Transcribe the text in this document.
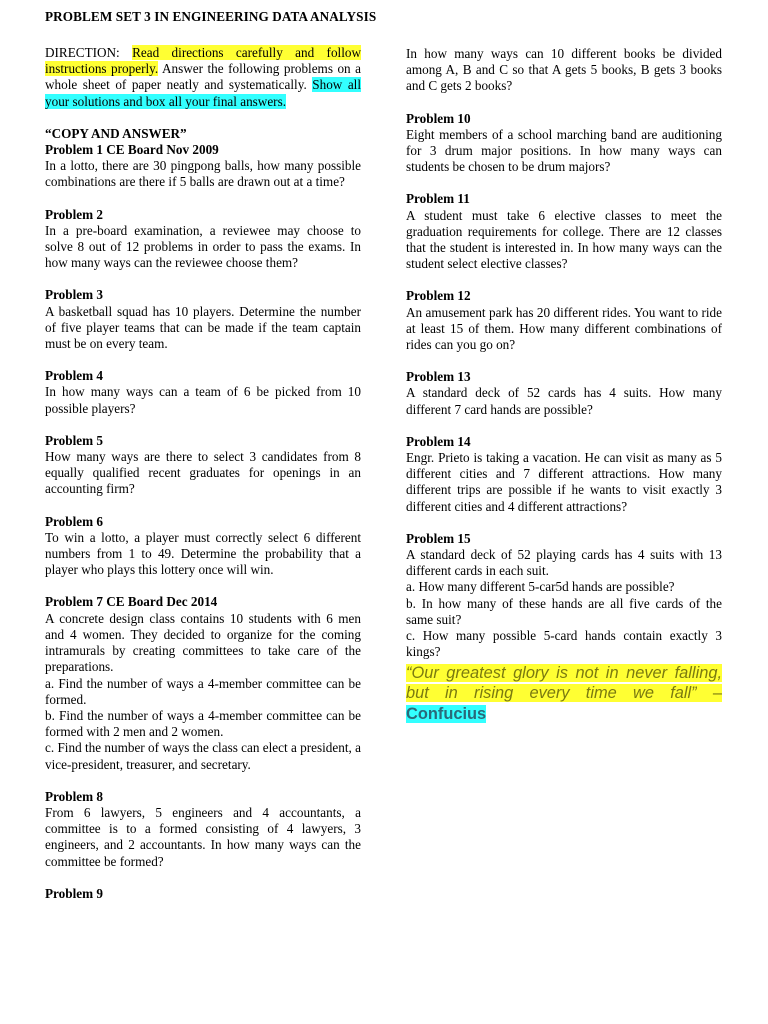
PROBLEM SET 3 IN ENGINEERING DATA ANALYSIS

DIRECTION: Read directions carefully and follow instructions properly. Answer the following problems on a whole sheet of paper neatly and systematically. Show all your solutions and box all your final answers.

“COPY AND ANSWER”
Problem 1 CE Board Nov 2009

In a lotto, there are 30 pingpong balls, how many possible combinations are there if 5 balls are drawn out at a time?

Problem 2

In a pre-board examination, a reviewee may choose to solve 8 out of 12 problems in order to pass the exams. In how many ways can the reviewee choose them?

Problem 3

A basketball squad has 10 players. Determine the number of five player teams that can be made if the team captain must be on every team.

Problem 4

In how many ways can a team of 6 be picked from 10 possible players?

Problem 5

How many ways are there to select 3 candidates from 8 equally qualified recent graduates for openings in an accounting firm?

Problem 6

To win a lotto, a player must correctly select 6 different numbers from 1 to 49. Determine the probability that a player who plays this lottery once will win.

Problem 7 CE Board Dec 2014

A concrete design class contains 10 students with 6 men and 4 women. They decided to organize for the coming intramurals by creating committees to take care of the preparations.

a. Find the number of ways a 4-member committee can be formed.

b. Find the number of ways a 4-member committee can be formed with 2 men and 2 women.

c. Find the number of ways the class can elect a president, a vice-president, treasurer, and secretary.

Problem 8

From 6 lawyers, 5 engineers and 4 accountants, a committee is to a formed consisting of 4 lawyers, 3 engineers, and 2 accountants. In how many ways can the committee be formed?

Problem 9

In how many ways can 10 different books be divided among A, B and C so that A gets 5 books, B gets 3 books and C gets 2 books?

Problem 10

Eight members of a school marching band are auditioning for 3 drum major positions. In how many ways can students be chosen to be drum majors?

Problem 11

A student must take 6 elective classes to meet the graduation requirements for college. There are 12 classes that the student is interested in. In how many ways can the student select elective classes?

Problem 12

An amusement park has 20 different rides. You want to ride at least 15 of them. How many different combinations of rides can you go on?

Problem 13

A standard deck of 52 cards has 4 suits. How many different 7 card hands are possible?

Problem 14

Engr. Prieto is taking a vacation. He can visit as many as 5 different cities and 7 different attractions. How many different trips are possible if he wants to visit exactly 3 different cities and 4 different attractions?

Problem 15

A standard deck of 52 playing cards has 4 suits with 13 different cards in each suit.

a. How many different 5-car5d hands are possible?

b. In how many of these hands are all five cards of the same suit?

c. How many possible 5-card hands contain exactly 3 kings?

“Our greatest glory is not in never falling, but in rising every time we fall” – Confucius
